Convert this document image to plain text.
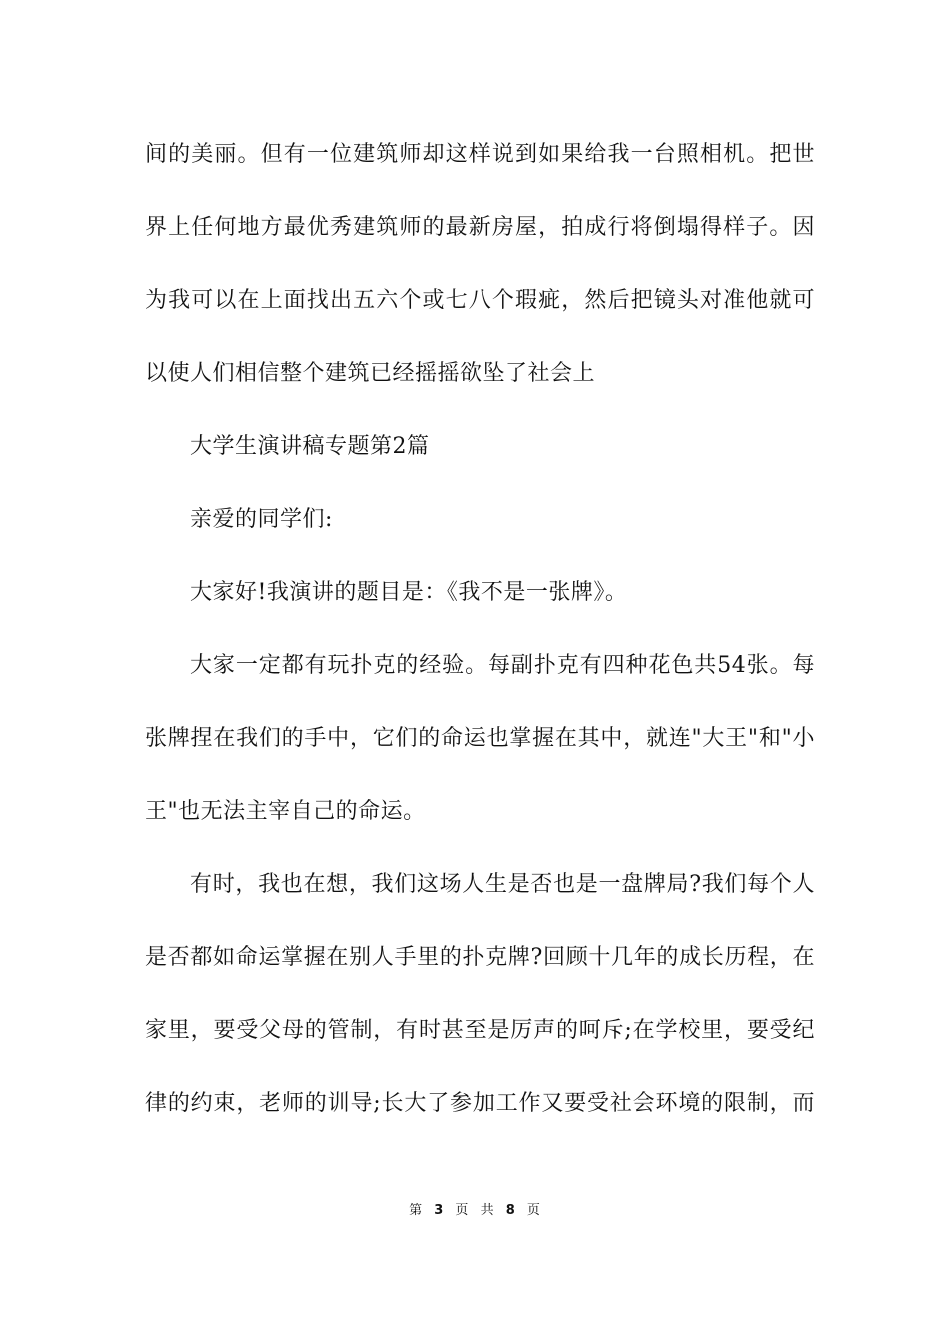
间的美丽。但有一位建筑师却这样说到如果给我一台照相机。把世
界上任何地方最优秀建筑师的最新房屋，拍成行将倒塌得样子。因
为我可以在上面找出五六个或七八个瑕疵，然后把镜头对准他就可
以使人们相信整个建筑已经摇摇欲坠了社会上
大学生演讲稿专题第2篇
亲爱的同学们:
大家好!我演讲的题目是：《我不是一张牌》。
大家一定都有玩扑克的经验。每副扑克有四种花色共54张。每
张牌捏在我们的手中，它们的命运也掌握在其中，就连"大王"和"小
王"也无法主宰自己的命运。
有时，我也在想，我们这场人生是否也是一盘牌局?我们每个人
是否都如命运掌握在别人手里的扑克牌?回顾十几年的成长历程，在
家里，要受父母的管制，有时甚至是厉声的呵斥;在学校里，要受纪
律的约束，老师的训导;长大了参加工作又要受社会环境的限制，而
第 3 页 共 8 页
